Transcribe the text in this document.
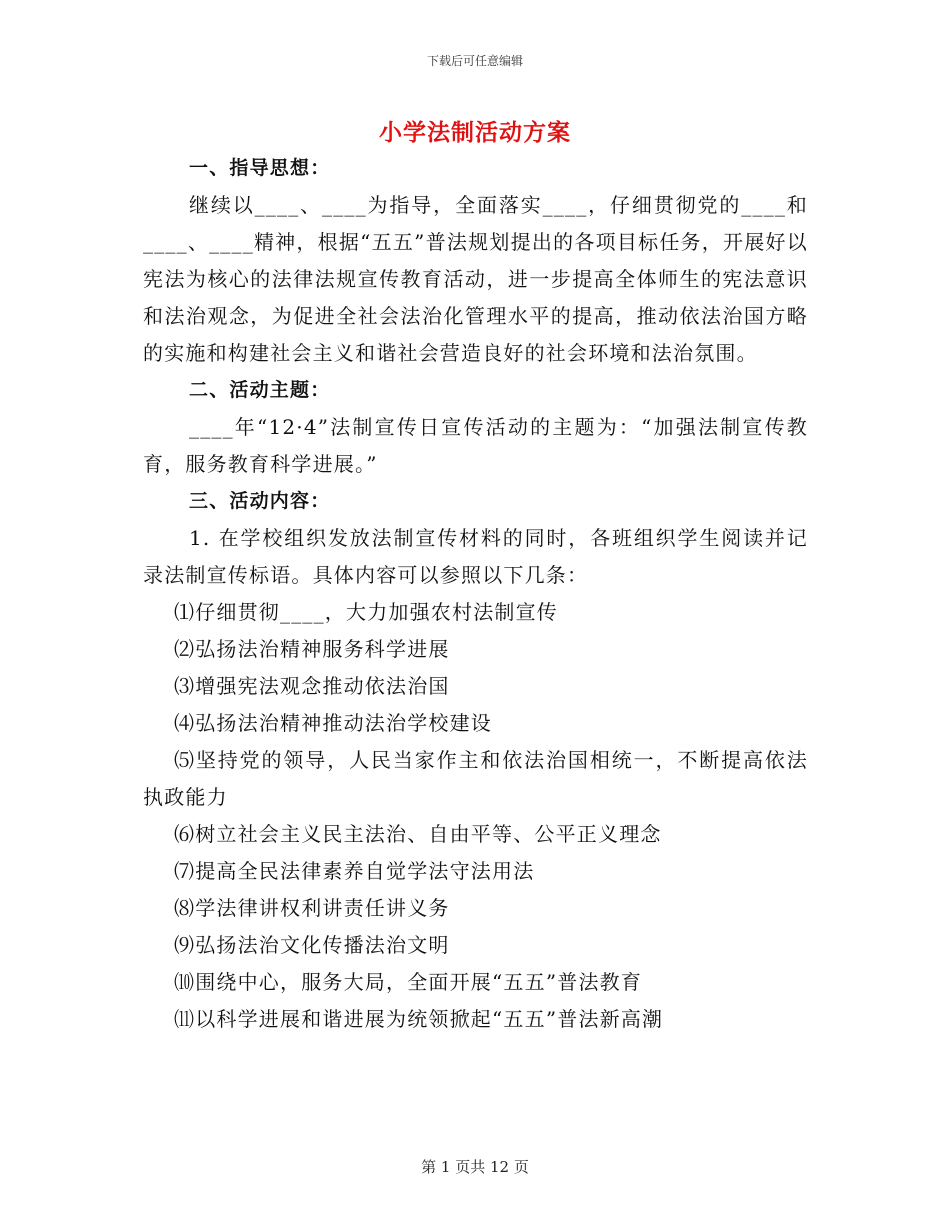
下载后可任意编辑
小学法制活动方案

一、指导思想：

继续以____、____为指导，全面落实____，仔细贯彻党的____和____、____精神，根据“五五”普法规划提出的各项目标任务，开展好以宪法为核心的法律法规宣传教育活动，进一步提高全体师生的宪法意识和法治观念，为促进全社会法治化管理水平的提高，推动依法治国方略的实施和构建社会主义和谐社会营造良好的社会环境和法治氛围。

二、活动主题：

____年“12·4”法制宣传日宣传活动的主题为：“加强法制宣传教育，服务教育科学进展。”

三、活动内容：

1. 在学校组织发放法制宣传材料的同时，各班组织学生阅读并记录法制宣传标语。具体内容可以参照以下几条：

⑴仔细贯彻____，大力加强农村法制宣传

⑵弘扬法治精神服务科学进展

⑶增强宪法观念推动依法治国

⑷弘扬法治精神推动法治学校建设

⑸坚持党的领导，人民当家作主和依法治国相统一，不断提高依法执政能力

⑹树立社会主义民主法治、自由平等、公平正义理念

⑺提高全民法律素养自觉学法守法用法

⑻学法律讲权利讲责任讲义务

⑼弘扬法治文化传播法治文明

⑽围绕中心，服务大局，全面开展“五五”普法教育

⑾以科学进展和谐进展为统领掀起“五五”普法新高潮

第 1 页共 12 页
